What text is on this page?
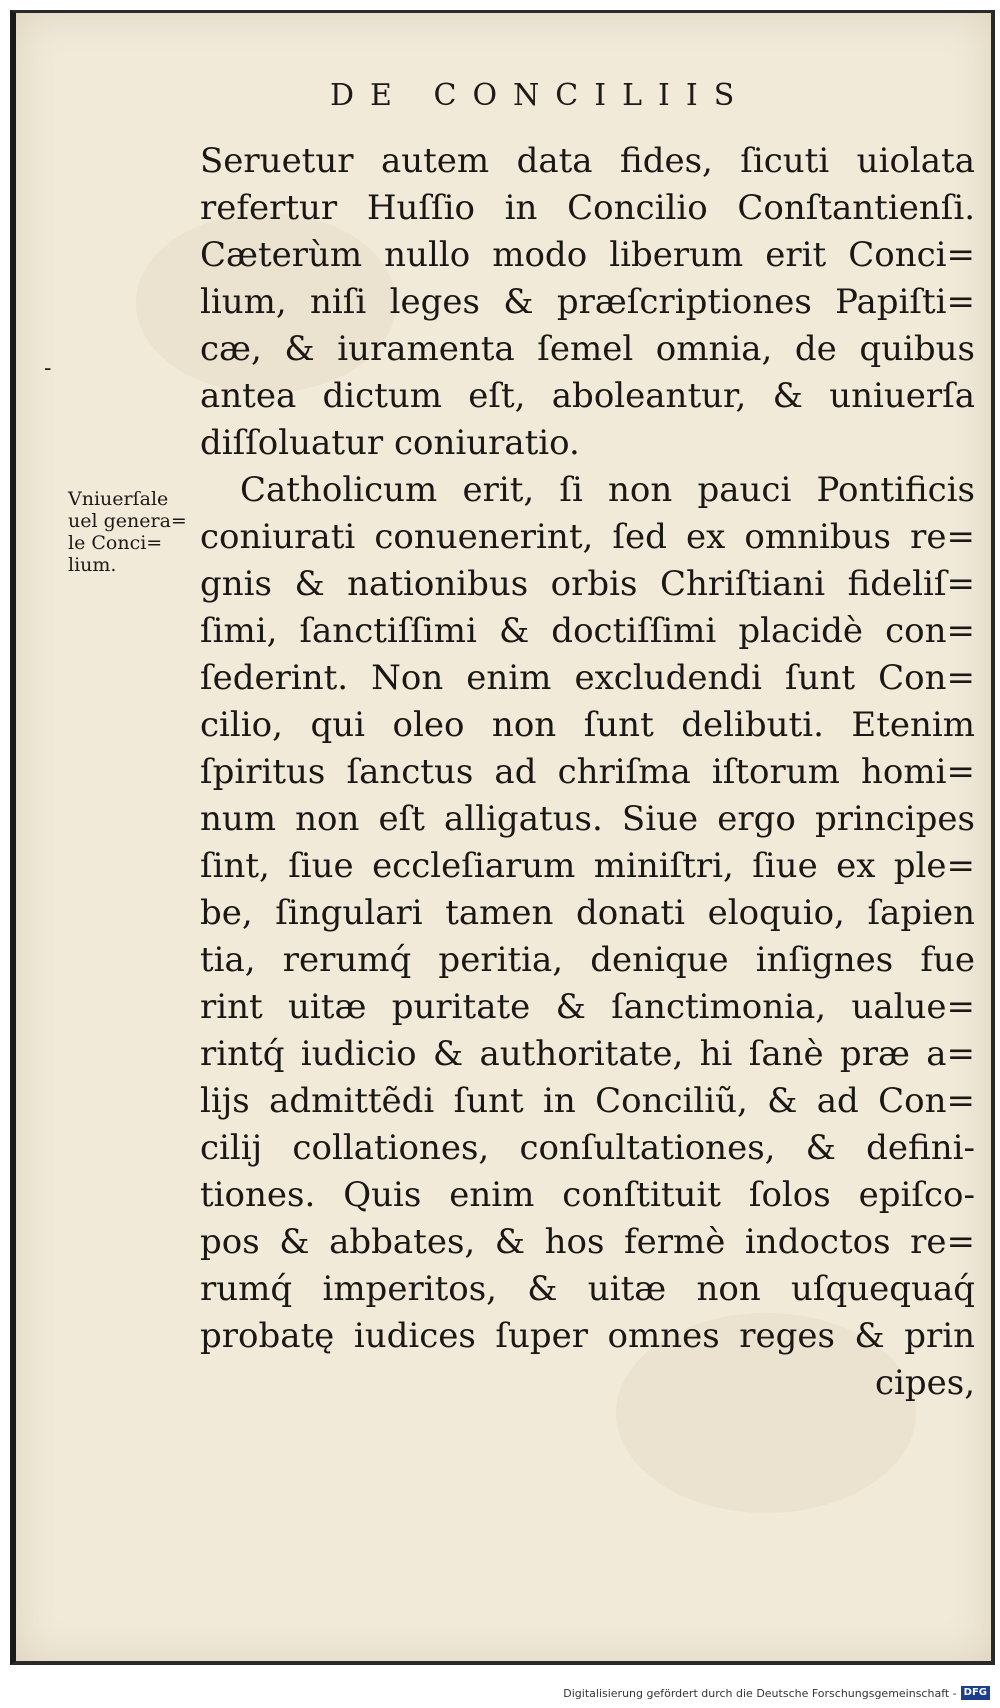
DE CONCILIIS
-
Vniuerſale
uel genera=
le Conci=
lium.
Seruetur autem data fides, ſicuti uiolata
refertur Huſſio in Concilio Conſtantienſi.
Cæterùm nullo modo liberum erit Conci=
lium, niſi leges & præſcriptiones Papiſti=
cæ, & iuramenta ſemel omnia, de quibus
antea dictum eſt, aboleantur, & uniuerſa
diſſoluatur coniuratio.
Catholicum erit, ſi non pauci Pontificis
coniurati conuenerint, ſed ex omnibus re=
gnis & nationibus orbis Chriſtiani fideliſ=
ſimi, ſanctiſſimi & doctiſſimi placidè con=
ſederint. Non enim excludendi ſunt Con=
cilio, qui oleo non ſunt delibuti. Etenim
ſpiritus ſanctus ad chriſma iſtorum homi=
num non eſt alligatus. Siue ergo principes
ſint, ſiue eccleſiarum miniſtri, ſiue ex ple=
be, ſingulari tamen donati eloquio, ſapien
tia, rerumq́ peritia, denique inſignes fue
rint uitæ puritate & ſanctimonia, ualue=
rintq́ iudicio & authoritate, hi ſanè præ a=
lijs admittẽdi ſunt in Conciliũ, & ad Con=
cilij collationes, conſultationes, & defini-
tiones. Quis enim conſtituit ſolos epiſco-
pos & abbates, & hos fermè indoctos re=
rumq́ imperitos, & uitæ non uſquequaq́
probatę iudices ſuper omnes reges & prin
cipes,
Digitalisierung gefördert durch die Deutsche Forschungsgemeinschaft - DFG
